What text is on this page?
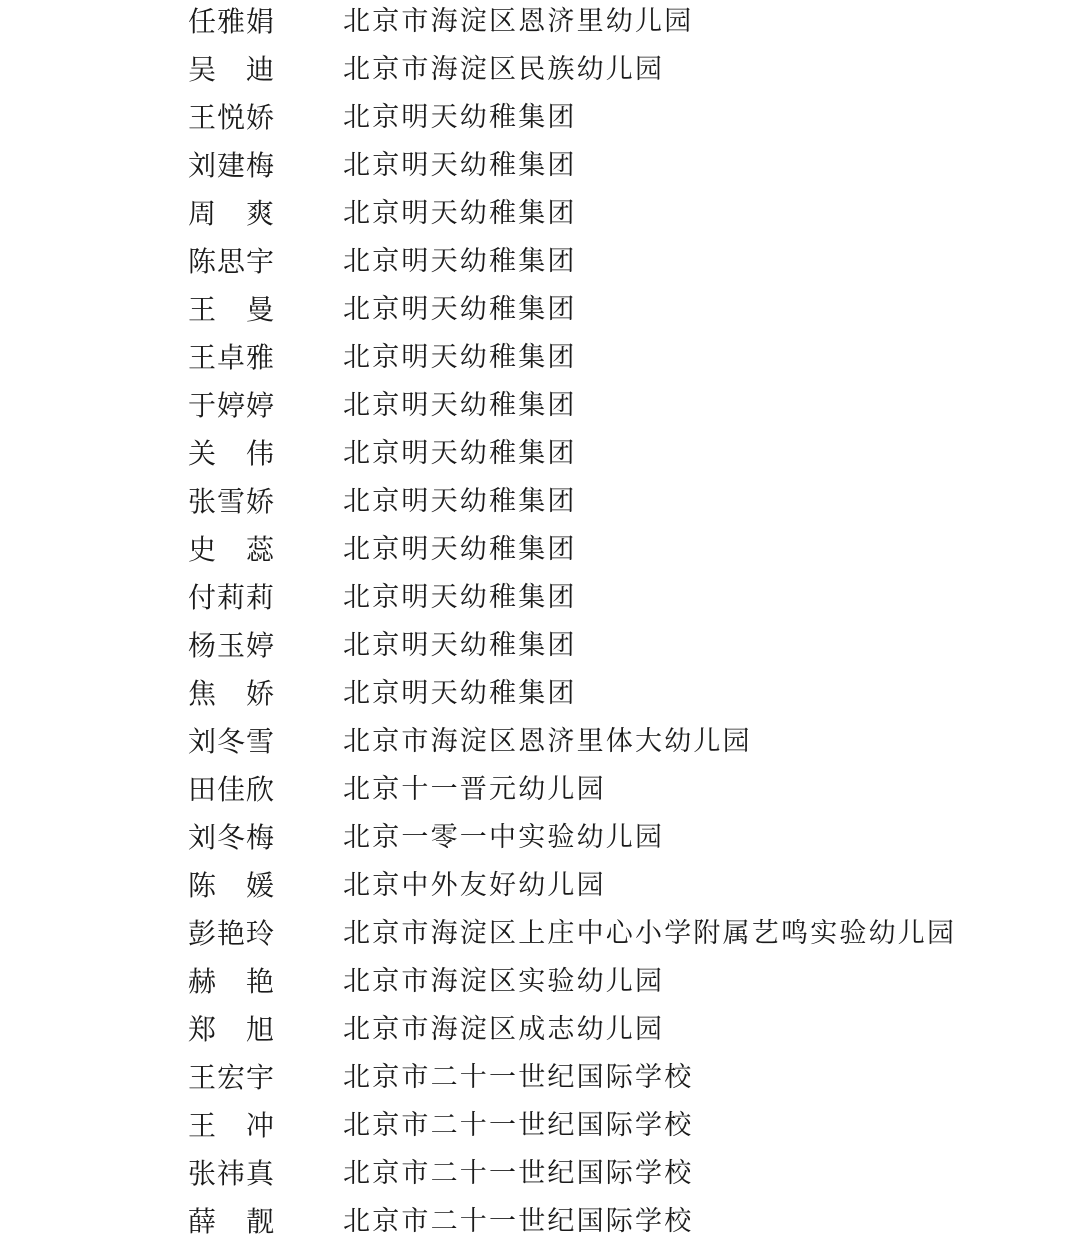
任雅娟	北京市海淀区恩济里幼儿园
吴 迪	北京市海淀区民族幼儿园
王悦娇	北京明天幼稚集团
刘建梅	北京明天幼稚集团
周 爽	北京明天幼稚集团
陈思宇	北京明天幼稚集团
王 曼	北京明天幼稚集团
王卓雅	北京明天幼稚集团
于婷婷	北京明天幼稚集团
关 伟	北京明天幼稚集团
张雪娇	北京明天幼稚集团
史 蕊	北京明天幼稚集团
付莉莉	北京明天幼稚集团
杨玉婷	北京明天幼稚集团
焦 娇	北京明天幼稚集团
刘冬雪	北京市海淀区恩济里体大幼儿园
田佳欣	北京十一晋元幼儿园
刘冬梅	北京一零一中实验幼儿园
陈 媛	北京中外友好幼儿园
彭艳玲	北京市海淀区上庄中心小学附属艺鸣实验幼儿园
赫 艳	北京市海淀区实验幼儿园
郑 旭	北京市海淀区成志幼儿园
王宏宇	北京市二十一世纪国际学校
王 冲	北京市二十一世纪国际学校
张祎真	北京市二十一世纪国际学校
薛 靓	北京市二十一世纪国际学校
